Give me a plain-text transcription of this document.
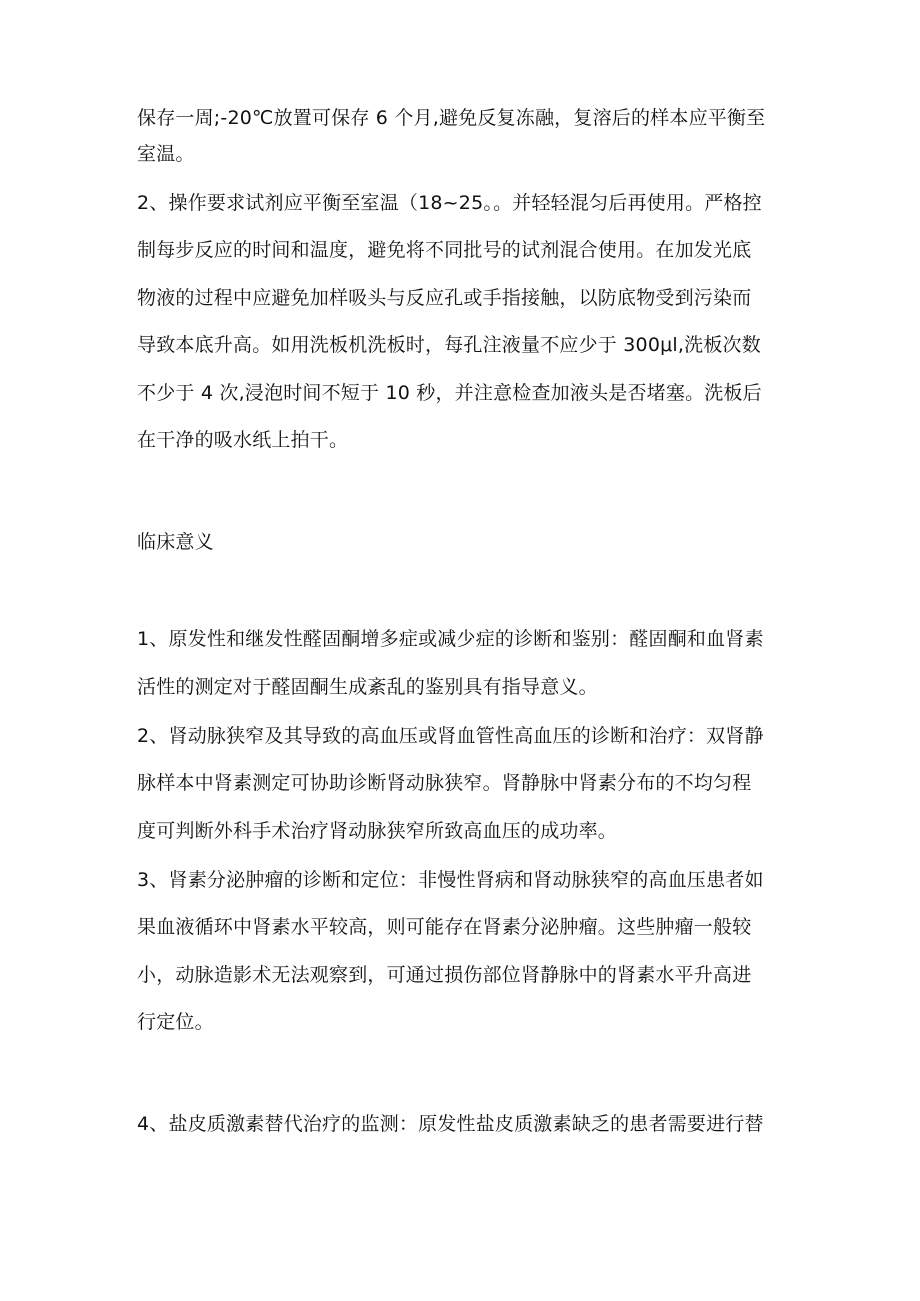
保存一周;-20℃放置可保存 6 个月,避免反复冻融，复溶后的样本应平衡至
室温。
2、操作要求试剂应平衡至室温（18~25。。并轻轻混匀后再使用。严格控
制每步反应的时间和温度，避免将不同批号的试剂混合使用。在加发光底
物液的过程中应避免加样吸头与反应孔或手指接触，以防底物受到污染而
导致本底升高。如用洗板机洗板时，每孔注液量不应少于 300μl,洗板次数
不少于 4 次,浸泡时间不短于 10 秒，并注意检查加液头是否堵塞。洗板后
在干净的吸水纸上拍干。
临床意义
1、原发性和继发性醛固酮增多症或减少症的诊断和鉴别：醛固酮和血肾素
活性的测定对于醛固酮生成紊乱的鉴别具有指导意义。
2、肾动脉狭窄及其导致的高血压或肾血管性高血压的诊断和治疗：双肾静
脉样本中肾素测定可协助诊断肾动脉狭窄。肾静脉中肾素分布的不均匀程
度可判断外科手术治疗肾动脉狭窄所致高血压的成功率。
3、肾素分泌肿瘤的诊断和定位：非慢性肾病和肾动脉狭窄的高血压患者如
果血液循环中肾素水平较高，则可能存在肾素分泌肿瘤。这些肿瘤一般较
小，动脉造影术无法观察到，可通过损伤部位肾静脉中的肾素水平升高进
行定位。
4、盐皮质激素替代治疗的监测：原发性盐皮质激素缺乏的患者需要进行替
